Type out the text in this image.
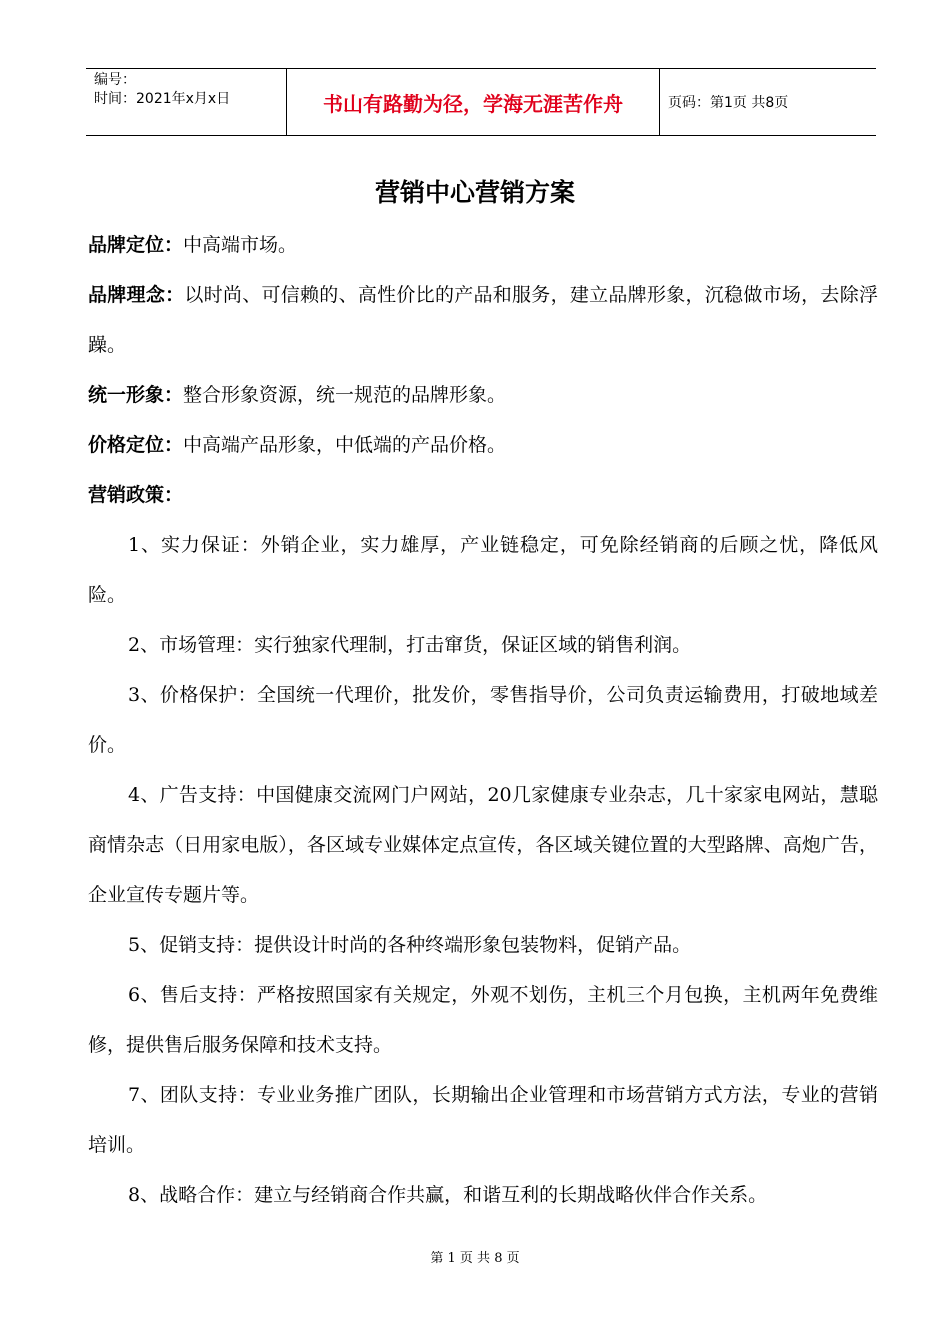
编号：
时间：2021年x月x日	书山有路勤为径，学海无涯苦作舟	页码：第1页 共8页
营销中心营销方案

品牌定位：中高端市场。

品牌理念：以时尚、可信赖的、高性价比的产品和服务，建立品牌形象，沉稳做市场，去除浮躁。

统一形象：整合形象资源，统一规范的品牌形象。

价格定位：中高端产品形象，中低端的产品价格。

营销政策：

1、实力保证：外销企业，实力雄厚，产业链稳定，可免除经销商的后顾之忧，降低风险。

2、市场管理：实行独家代理制，打击窜货，保证区域的销售利润。

3、价格保护：全国统一代理价，批发价，零售指导价，公司负责运输费用，打破地域差价。

4、广告支持：中国健康交流网门户网站，20几家健康专业杂志，几十家家电网站，慧聪商情杂志（日用家电版），各区域专业媒体定点宣传，各区域关键位置的大型路牌、高炮广告，企业宣传专题片等。

5、促销支持：提供设计时尚的各种终端形象包装物料，促销产品。

6、售后支持：严格按照国家有关规定，外观不划伤，主机三个月包换，主机两年免费维修，提供售后服务保障和技术支持。

7、团队支持：专业业务推广团队，长期输出企业管理和市场营销方式方法，专业的营销培训。

8、战略合作：建立与经销商合作共赢，和谐互利的长期战略伙伴合作关系。

第 1 页 共 8 页
